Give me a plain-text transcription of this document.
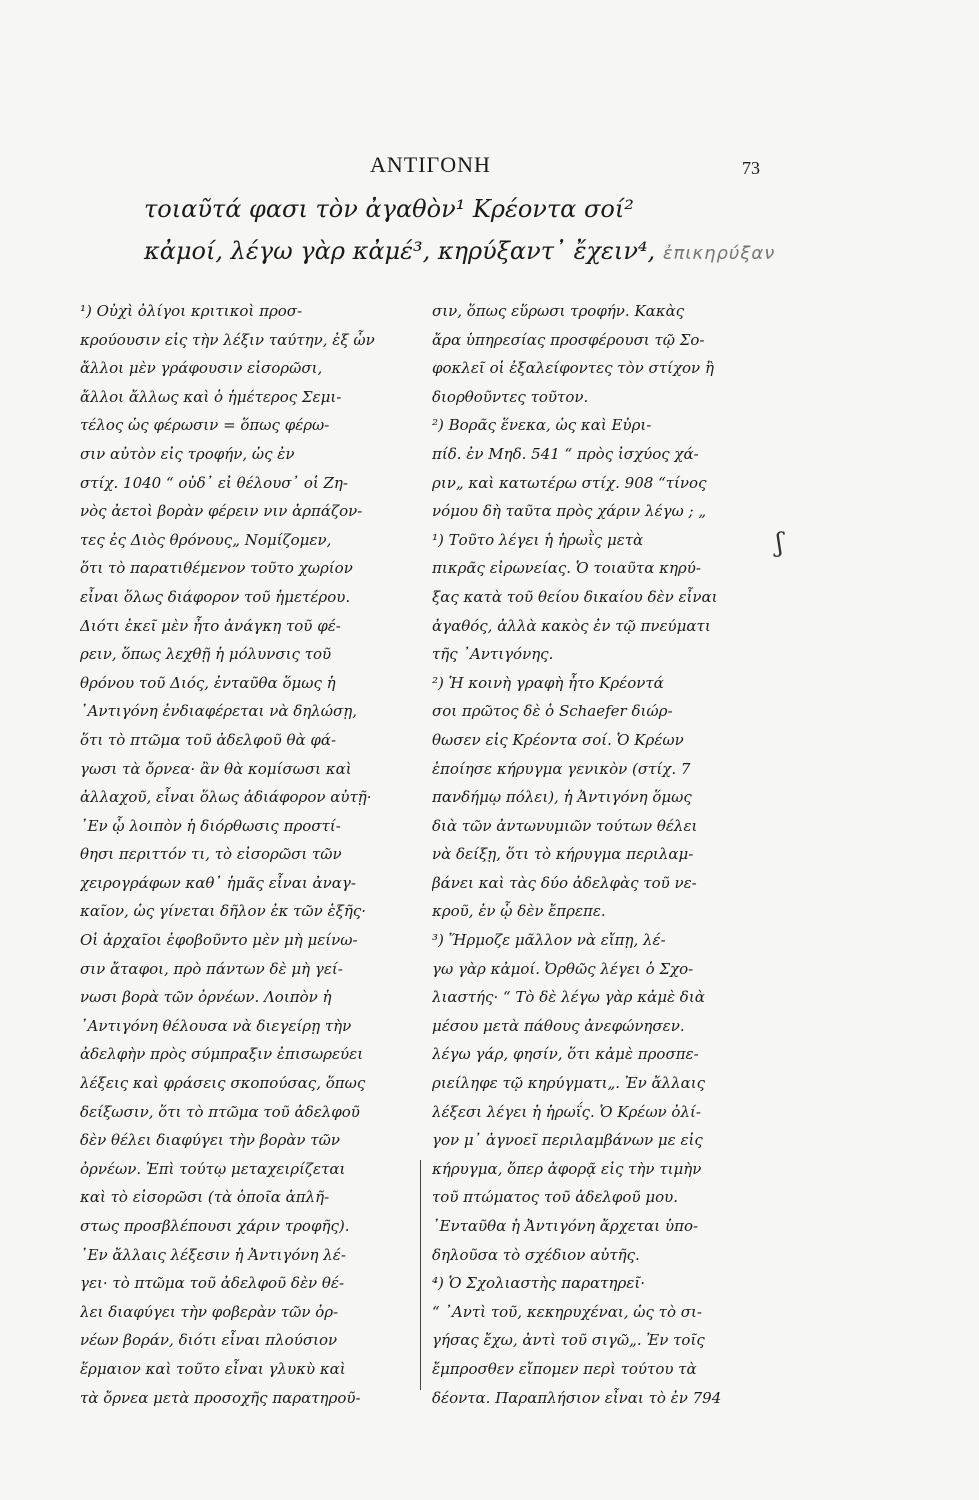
ΑΝΤΙΓΟΝΗ	73
τοιαῦτά φασι τὸν ἀγαθὸν¹ Κρέοντα σοί²
κἀμοί, λέγω γὰρ κἀμέ³, κηρύξαντ᾽ ἔχειν⁴, ἐπικηρύξαν
¹) Οὐχὶ ὀλίγοι κριτικοὶ προσ-
κρούουσιν εἰς τὴν λέξιν ταύτην, ἐξ ὧν
ἄλλοι μὲν γράφουσιν εἰσορῶσι,
ἄλλοι ἄλλως καὶ ὁ ἡμέτερος Σεμι-
τέλος ὡς φέρωσιν = ὅπως φέρω-
σιν αὐτὸν εἰς τροφήν, ὡς ἐν
στίχ. 1040 “ οὐδ᾽ εἰ θέλουσ᾽ οἱ Ζη-
νὸς ἀετοὶ βορὰν φέρειν νιν ἁρπάζον-
τες ἐς Διὸς θρόνους„ Νομίζομεν,
ὅτι τὸ παρατιθέμενον τοῦτο χωρίον
εἶναι ὅλως διάφορον τοῦ ἡμετέρου.
Διότι ἐκεῖ μὲν ἦτο ἀνάγκη τοῦ φέ-
ρειν, ὅπως λεχθῇ ἡ μόλυνσις τοῦ
θρόνου τοῦ Διός, ἐνταῦθα ὅμως ἡ
᾽Αντιγόνη ἐνδιαφέρεται νὰ δηλώσῃ,
ὅτι τὸ πτῶμα τοῦ ἀδελφοῦ θὰ φά-
γωσι τὰ ὄρνεα· ἂν θὰ κομίσωσι καὶ
ἀλλαχοῦ, εἶναι ὅλως ἀδιάφορον αὐτῇ·
᾽Εν ᾧ λοιπὸν ἡ διόρθωσις προστί-
θησι περιττόν τι, τὸ εἰσορῶσι τῶν
χειρογράφων καθ᾽ ἡμᾶς εἶναι ἀναγ-
καῖον, ὡς γίνεται δῆλον ἐκ τῶν ἑξῆς·
Οἱ ἀρχαῖοι ἐφοβοῦντο μὲν μὴ μείνω-
σιν ἄταφοι, πρὸ πάντων δὲ μὴ γεί-
νωσι βορὰ τῶν ὀρνέων. Λοιπὸν ἡ
᾽Αντιγόνη θέλουσα νὰ διεγείρῃ τὴν
ἀδελφὴν πρὸς σύμπραξιν ἐπισωρεύει
λέξεις καὶ φράσεις σκοπούσας, ὅπως
δείξωσιν, ὅτι τὸ πτῶμα τοῦ ἀδελφοῦ
δὲν θέλει διαφύγει τὴν βορὰν τῶν
ὀρνέων. Ἐπὶ τούτῳ μεταχειρίζεται
καὶ τὸ εἰσορῶσι (τὰ ὁποῖα ἁπλῆ-
στως προσβλέπουσι χάριν τροφῆς).
᾽Εν ἄλλαις λέξεσιν ἡ Ἀντιγόνη λέ-
γει· τὸ πτῶμα τοῦ ἀδελφοῦ δὲν θέ-
λει διαφύγει τὴν φοβερὰν τῶν ὀρ-
νέων βοράν, διότι εἶναι πλούσιον
ἕρμαιον καὶ τοῦτο εἶναι γλυκὺ καὶ
τὰ ὄρνεα μετὰ προσοχῆς παρατηροῦ-
σιν, ὅπως εὕρωσι τροφήν. Κακὰς
ἄρα ὑπηρεσίας προσφέρουσι τῷ Σο-
φοκλεῖ οἱ ἐξαλείφοντες τὸν στίχον ἢ
διορθοῦντες τοῦτον.
²) Βορᾶς ἕνεκα, ὡς καὶ Εὐρι-
πίδ. ἐν Μηδ. 541 “ πρὸς ἰσχύος χά-
ριν„ καὶ κατωτέρω στίχ. 908 “τίνος
νόμου δὴ ταῦτα πρὸς χάριν λέγω ; „
¹) Τοῦτο λέγει ἡ ἡρωῒς μετὰ
πικρᾶς εἰρωνείας. Ὁ τοιαῦτα κηρύ-
ξας κατὰ τοῦ θείου δικαίου δὲν εἶναι
ἀγαθός, ἀλλὰ κακὸς ἐν τῷ πνεύματι
τῆς ᾽Αντιγόνης.
²) Ἡ κοινὴ γραφὴ ἦτο Κρέοντά
σοι πρῶτος δὲ ὁ Schaefer διώρ-
θωσεν εἰς Κρέοντα σοί. Ὁ Κρέων
ἐποίησε κήρυγμα γενικὸν (στίχ. 7
πανδήμῳ πόλει), ἡ Ἀντιγόνη ὅμως
διὰ τῶν ἀντωνυμιῶν τούτων θέλει
νὰ δείξῃ, ὅτι τὸ κήρυγμα περιλαμ-
βάνει καὶ τὰς δύο ἀδελφὰς τοῦ νε-
κροῦ, ἐν ᾧ δὲν ἔπρεπε.
³) Ἥρμοζε μᾶλλον νὰ εἴπῃ, λέ-
γω γὰρ κἀμοί. Ὀρθῶς λέγει ὁ Σχο-
λιαστής· “ Τὸ δὲ λέγω γὰρ κἀμὲ διὰ
μέσου μετὰ πάθους ἀνεφώνησεν.
λέγω γάρ, φησίν, ὅτι κἀμὲ προσπε-
ριείληφε τῷ κηρύγματι„. Ἐν ἄλλαις
λέξεσι λέγει ἡ ἡρωΐς. Ὁ Κρέων ὀλί-
γον μ᾽ ἀγνοεῖ περιλαμβάνων με εἰς
κήρυγμα, ὅπερ ἀφορᾷ εἰς τὴν τιμὴν
τοῦ πτώματος τοῦ ἀδελφοῦ μου.
᾽Ενταῦθα ἡ Ἀντιγόνη ἄρχεται ὑπο-
δηλοῦσα τὸ σχέδιον αὐτῆς.
⁴) Ὁ Σχολιαστὴς παρατηρεῖ·
“ ᾽Αντὶ τοῦ, κεκηρυχέναι, ὡς τὸ σι-
γήσας ἔχω, ἀντὶ τοῦ σιγῶ„. Ἐν τοῖς
ἔμπροσθεν εἴπομεν περὶ τούτου τὰ
δέοντα. Παραπλήσιον εἶναι τὸ ἐν 794
ʃ
